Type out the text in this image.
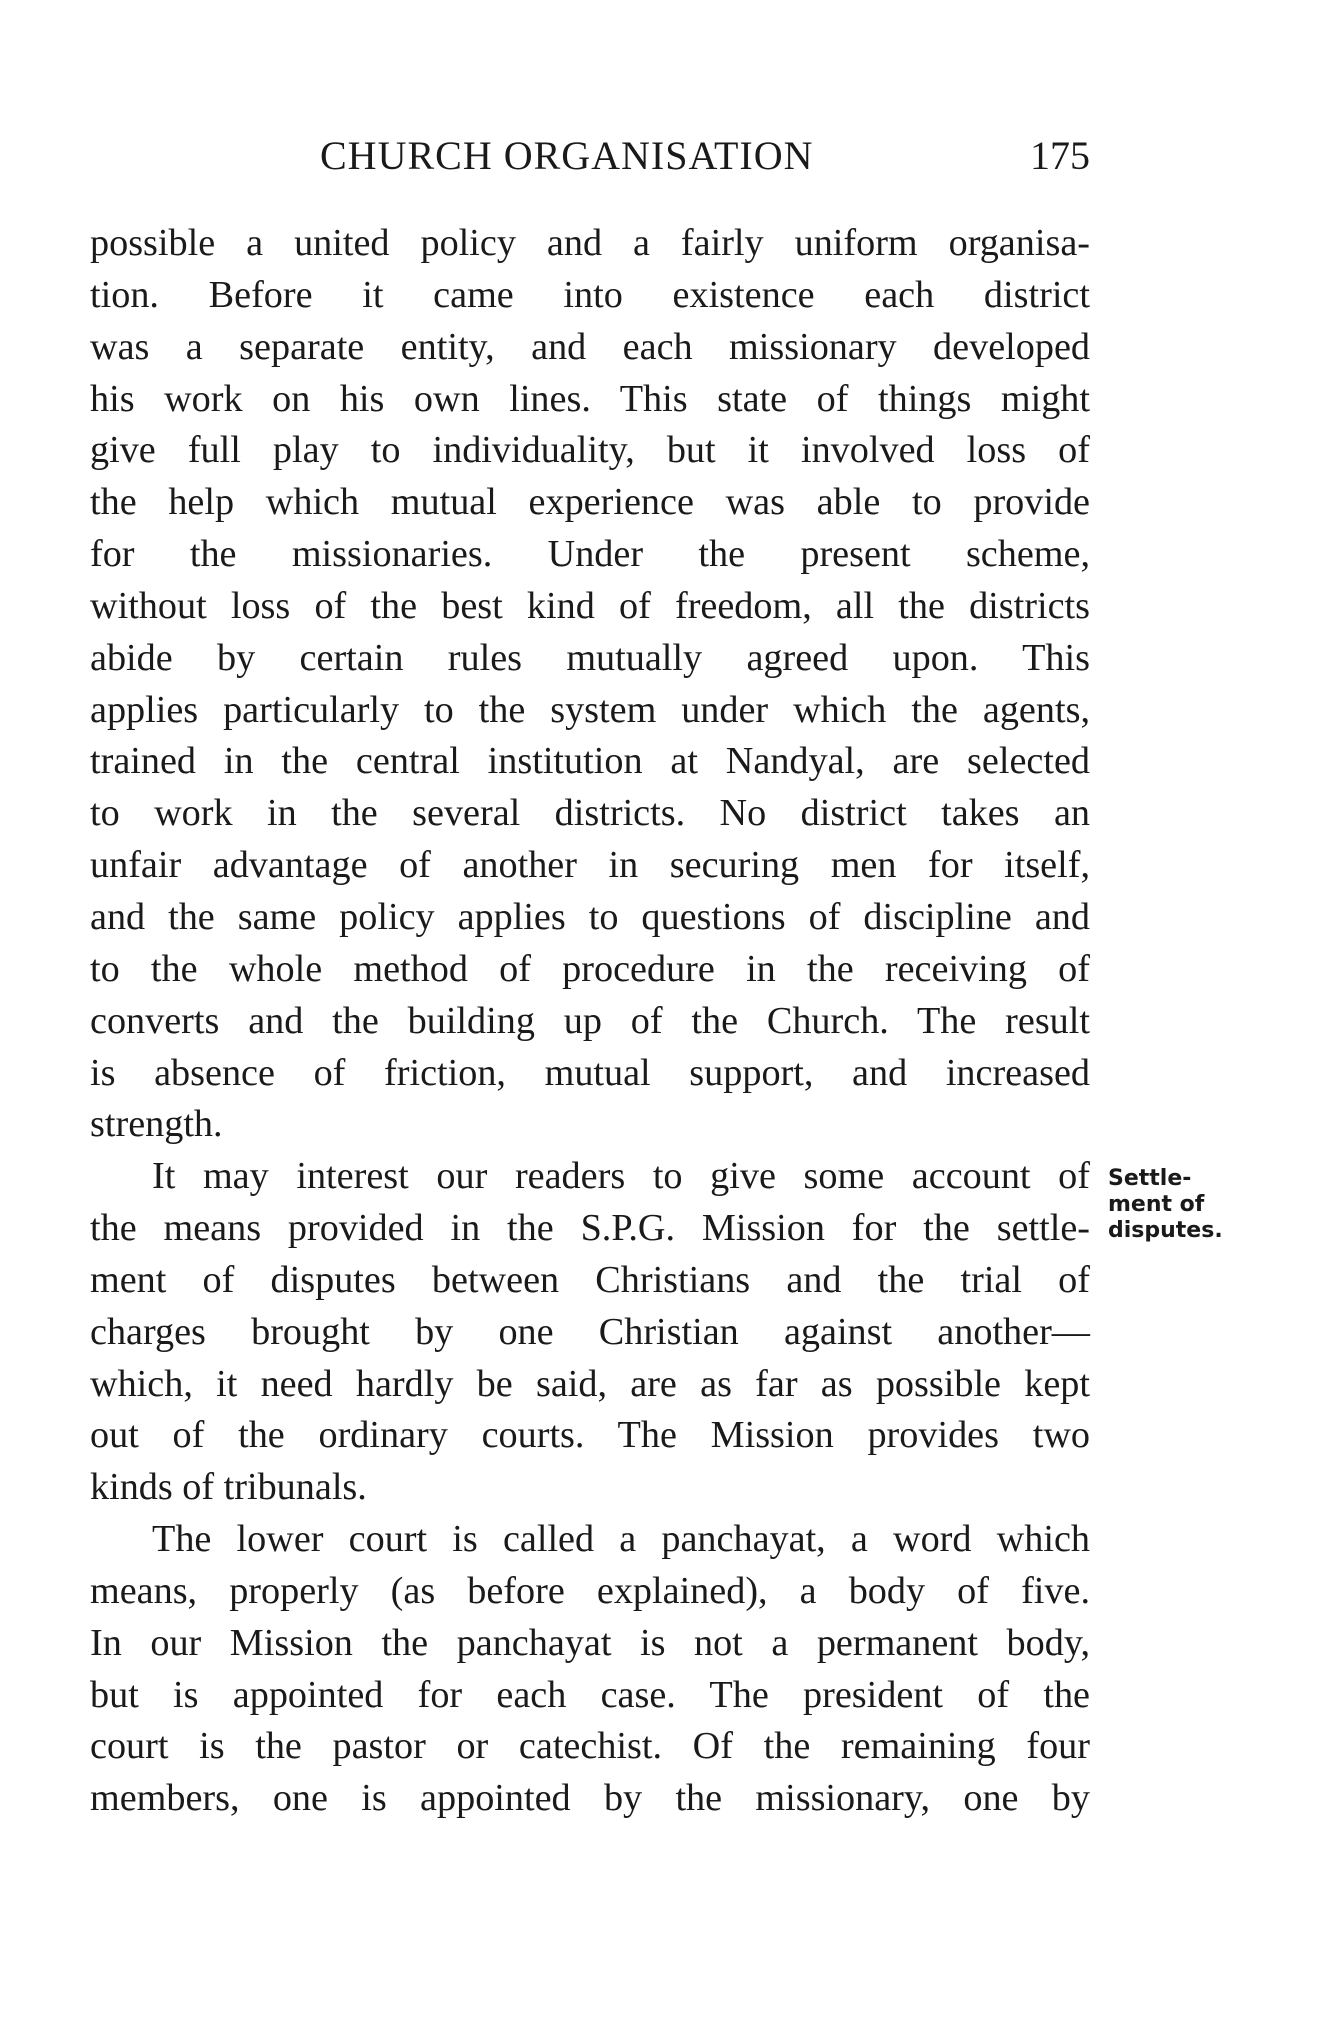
CHURCH ORGANISATION	175
possible a united policy and a fairly uniform organisa-
tion. Before it came into existence each district
was a separate entity, and each missionary developed
his work on his own lines. This state of things might
give full play to individuality, but it involved loss of
the help which mutual experience was able to provide
for the missionaries. Under the present scheme,
without loss of the best kind of freedom, all the districts
abide by certain rules mutually agreed upon. This
applies particularly to the system under which the agents,
trained in the central institution at Nandyal, are selected
to work in the several districts. No district takes an
unfair advantage of another in securing men for itself,
and the same policy applies to questions of discipline and
to the whole method of procedure in the receiving of
converts and the building up of the Church. The result
is absence of friction, mutual support, and increased
strength.
It may interest our readers to give some account of
the means provided in the S.P.G. Mission for the settle-
ment of disputes between Christians and the trial of
charges brought by one Christian against another—
which, it need hardly be said, are as far as possible kept
out of the ordinary courts. The Mission provides two
kinds of tribunals.
The lower court is called a panchayat, a word which
means, properly (as before explained), a body of five.
In our Mission the panchayat is not a permanent body,
but is appointed for each case. The president of the
court is the pastor or catechist. Of the remaining four
members, one is appointed by the missionary, one by
Settle-
ment of
disputes.
